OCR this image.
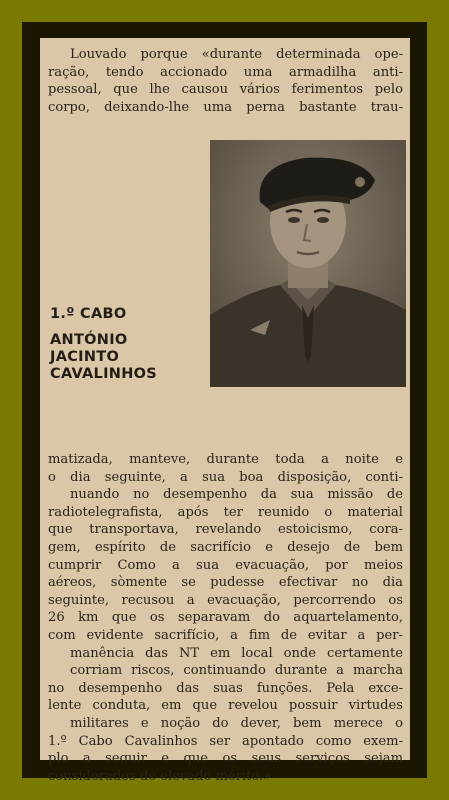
Louvado porque «durante determinada ope-
ração, tendo accionado uma armadilha anti-
pessoal, que lhe causou vários ferimentos pelo
corpo, deixando-lhe uma perna bastante trau-
1.º CABO
ANTÓNIO
JACINTO
CAVALINHOS
matizada, manteve, durante toda a noite e
o dia seguinte, a sua boa disposição, conti-
nuando no desempenho da sua missão de
radiotelegrafista, após ter reunido o material
que transportava, revelando estoicismo, cora-
gem, espírito de sacrifício e desejo de bem
cumprir Como a sua evacuação, por meios
aéreos, sòmente se pudesse efectivar no dia
seguinte, recusou a evacuação, percorrendo os
26 km que os separavam do aquartelamento,
com evidente sacrifício, a fim de evitar a per-
manência das NT em local onde certamente
corriam riscos, continuando durante a marcha
no desempenho das suas funções. Pela exce-
lente conduta, em que revelou possuir virtudes
militares e noção do dever, bem merece o
1.º Cabo Cavalinhos ser apontado como exem-
plo a seguir e que os seus serviços sejam
considerados de elevado mérito.»
